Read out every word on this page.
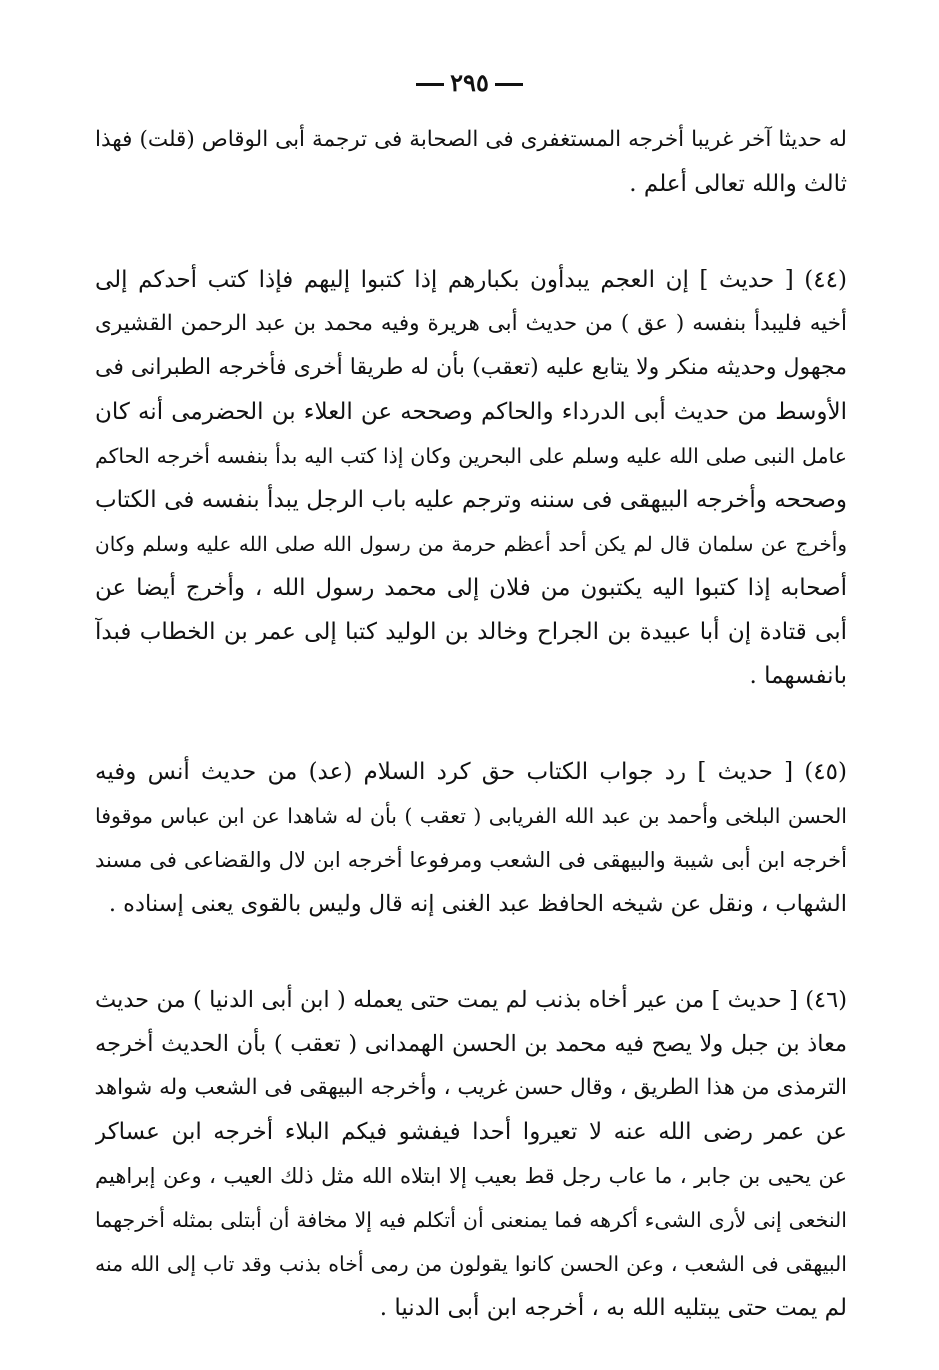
٢٩٥
له حديثا آخر غريبا أخرجه المستغفرى فى الصحابة فى ترجمة أبى الوقاص (قلت) فهذا
ثالث والله تعالى أعلم .
(٤٤) [ حديث ] إن العجم يبدأون بكبارهم إذا كتبوا إليهم فإذا كتب أحدكم إلى
أخيه فليبدأ بنفسه ( عق ) من حديث أبى هريرة وفيه محمد بن عبد الرحمن القشيرى
مجهول وحديثه منكر ولا يتابع عليه (تعقب) بأن له طريقا أخرى فأخرجه الطبرانى فى
الأوسط من حديث أبى الدرداء والحاكم وصححه عن العلاء بن الحضرمى أنه كان
عامل النبى صلى الله عليه وسلم على البحرين وكان إذا كتب اليه بدأ بنفسه أخرجه الحاكم
وصححه وأخرجه البيهقى فى سننه وترجم عليه باب الرجل يبدأ بنفسه فى الكتاب
وأخرج عن سلمان قال لم يكن أحد أعظم حرمة من رسول الله صلى الله عليه وسلم وكان
أصحابه إذا كتبوا اليه يكتبون من فلان إلى محمد رسول الله ، وأخرج أيضا عن
أبى قتادة إن أبا عبيدة بن الجراح وخالد بن الوليد كتبا إلى عمر بن الخطاب فبدآ
بانفسهما .
(٤٥) [ حديث ] رد جواب الكتاب حق كرد السلام (عد) من حديث أنس وفيه
الحسن البلخى وأحمد بن عبد الله الفريابى ( تعقب ) بأن له شاهدا عن ابن عباس موقوفا
أخرجه ابن أبى شيبة والبيهقى فى الشعب ومرفوعا أخرجه ابن لال والقضاعى فى مسند
الشهاب ، ونقل عن شيخه الحافظ عبد الغنى إنه قال وليس بالقوى يعنى إسناده .
(٤٦) [ حديث ] من عير أخاه بذنب لم يمت حتى يعمله ( ابن أبى الدنيا ) من حديث
معاذ بن جبل ولا يصح فيه محمد بن الحسن الهمدانى ( تعقب ) بأن الحديث أخرجه
الترمذى من هذا الطريق ، وقال حسن غريب ، وأخرجه البيهقى فى الشعب وله شواهد
عن عمر رضى الله عنه لا تعيروا أحدا فيفشو فيكم البلاء أخرجه ابن عساكر
عن يحيى بن جابر ، ما عاب رجل قط بعيب إلا ابتلاه الله مثل ذلك العيب ، وعن إبراهيم
النخعى إنى لأرى الشىء أكرهه فما يمنعنى أن أتكلم فيه إلا مخافة أن أبتلى بمثله أخرجهما
البيهقى فى الشعب ، وعن الحسن كانوا يقولون من رمى أخاه بذنب وقد تاب إلى الله منه
لم يمت حتى يبتليه الله به ، أخرجه ابن أبى الدنيا .
